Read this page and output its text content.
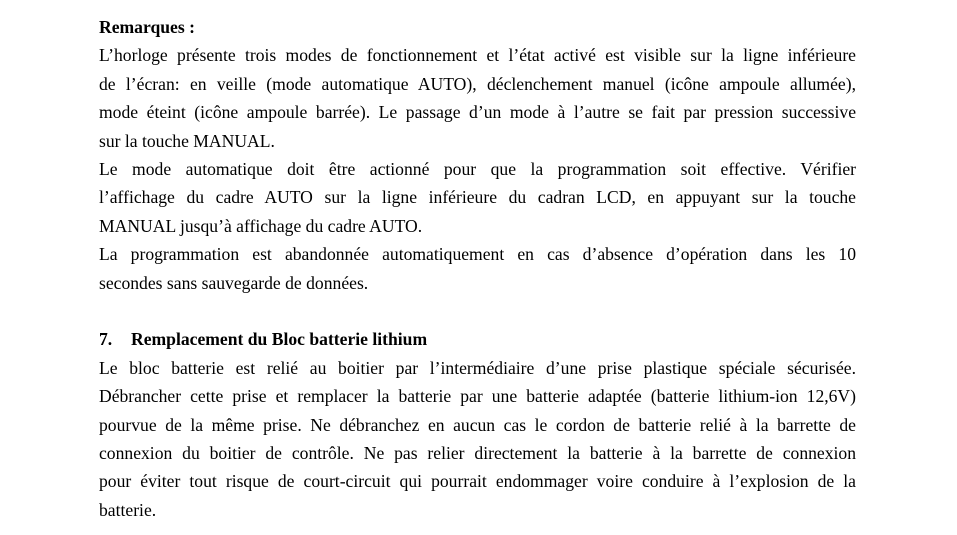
Remarques :

L’horloge présente trois modes de fonctionnement et l’état activé est visible sur la ligne inférieure
de l’écran: en veille (mode automatique AUTO), déclenchement manuel (icône ampoule allumée),
mode éteint (icône ampoule barrée). Le passage d’un mode à l’autre se fait par pression successive
sur la touche MANUAL.
Le mode automatique doit être actionné pour que la programmation soit effective. Vérifier
l’affichage du cadre AUTO sur la ligne inférieure du cadran LCD, en appuyant sur la touche
MANUAL jusqu’à affichage du cadre AUTO.
La programmation est abandonnée automatiquement en cas d’absence d’opération dans les 10
secondes sans sauvegarde de données.

7. Remplacement du Bloc batterie lithium

Le bloc batterie est relié au boitier par l’intermédiaire d’une prise plastique spéciale sécurisée.
Débrancher cette prise et remplacer la batterie par une batterie adaptée (batterie lithium-ion 12,6V)
pourvue de la même prise. Ne débranchez en aucun cas le cordon de batterie relié à la barrette de
connexion du boitier de contrôle. Ne pas relier directement la batterie à la barrette de connexion
pour éviter tout risque de court-circuit qui pourrait endommager voire conduire à l’explosion de la
batterie.
